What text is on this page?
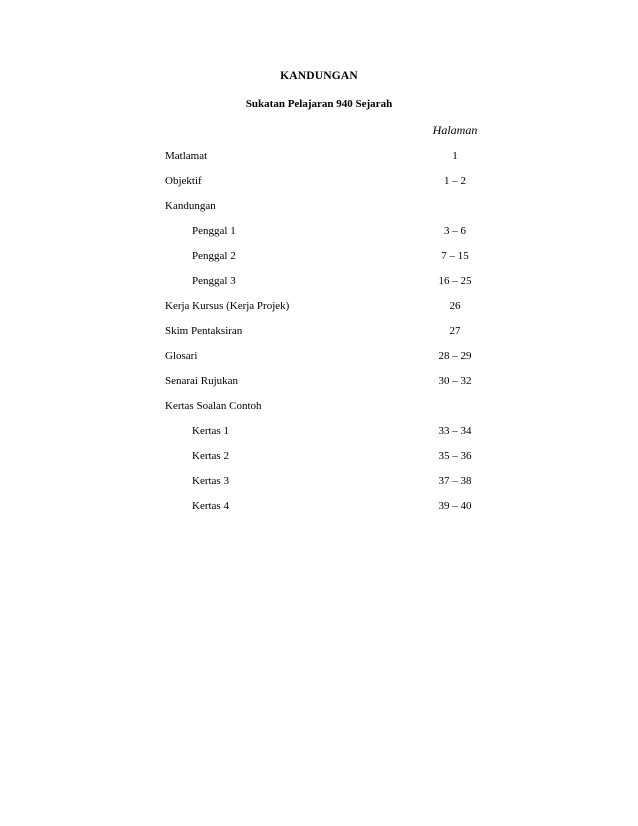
KANDUNGAN
Sukatan Pelajaran 940 Sejarah
Halaman
Matlamat	1
Objektif	1 – 2
Kandungan
Penggal 1	3 – 6
Penggal 2	7 – 15
Penggal 3	16 – 25
Kerja Kursus (Kerja Projek)	26
Skim Pentaksiran	27
Glosari	28 – 29
Senarai Rujukan	30 – 32
Kertas Soalan Contoh
Kertas 1	33 – 34
Kertas 2	35 – 36
Kertas 3	37 – 38
Kertas 4	39 – 40
